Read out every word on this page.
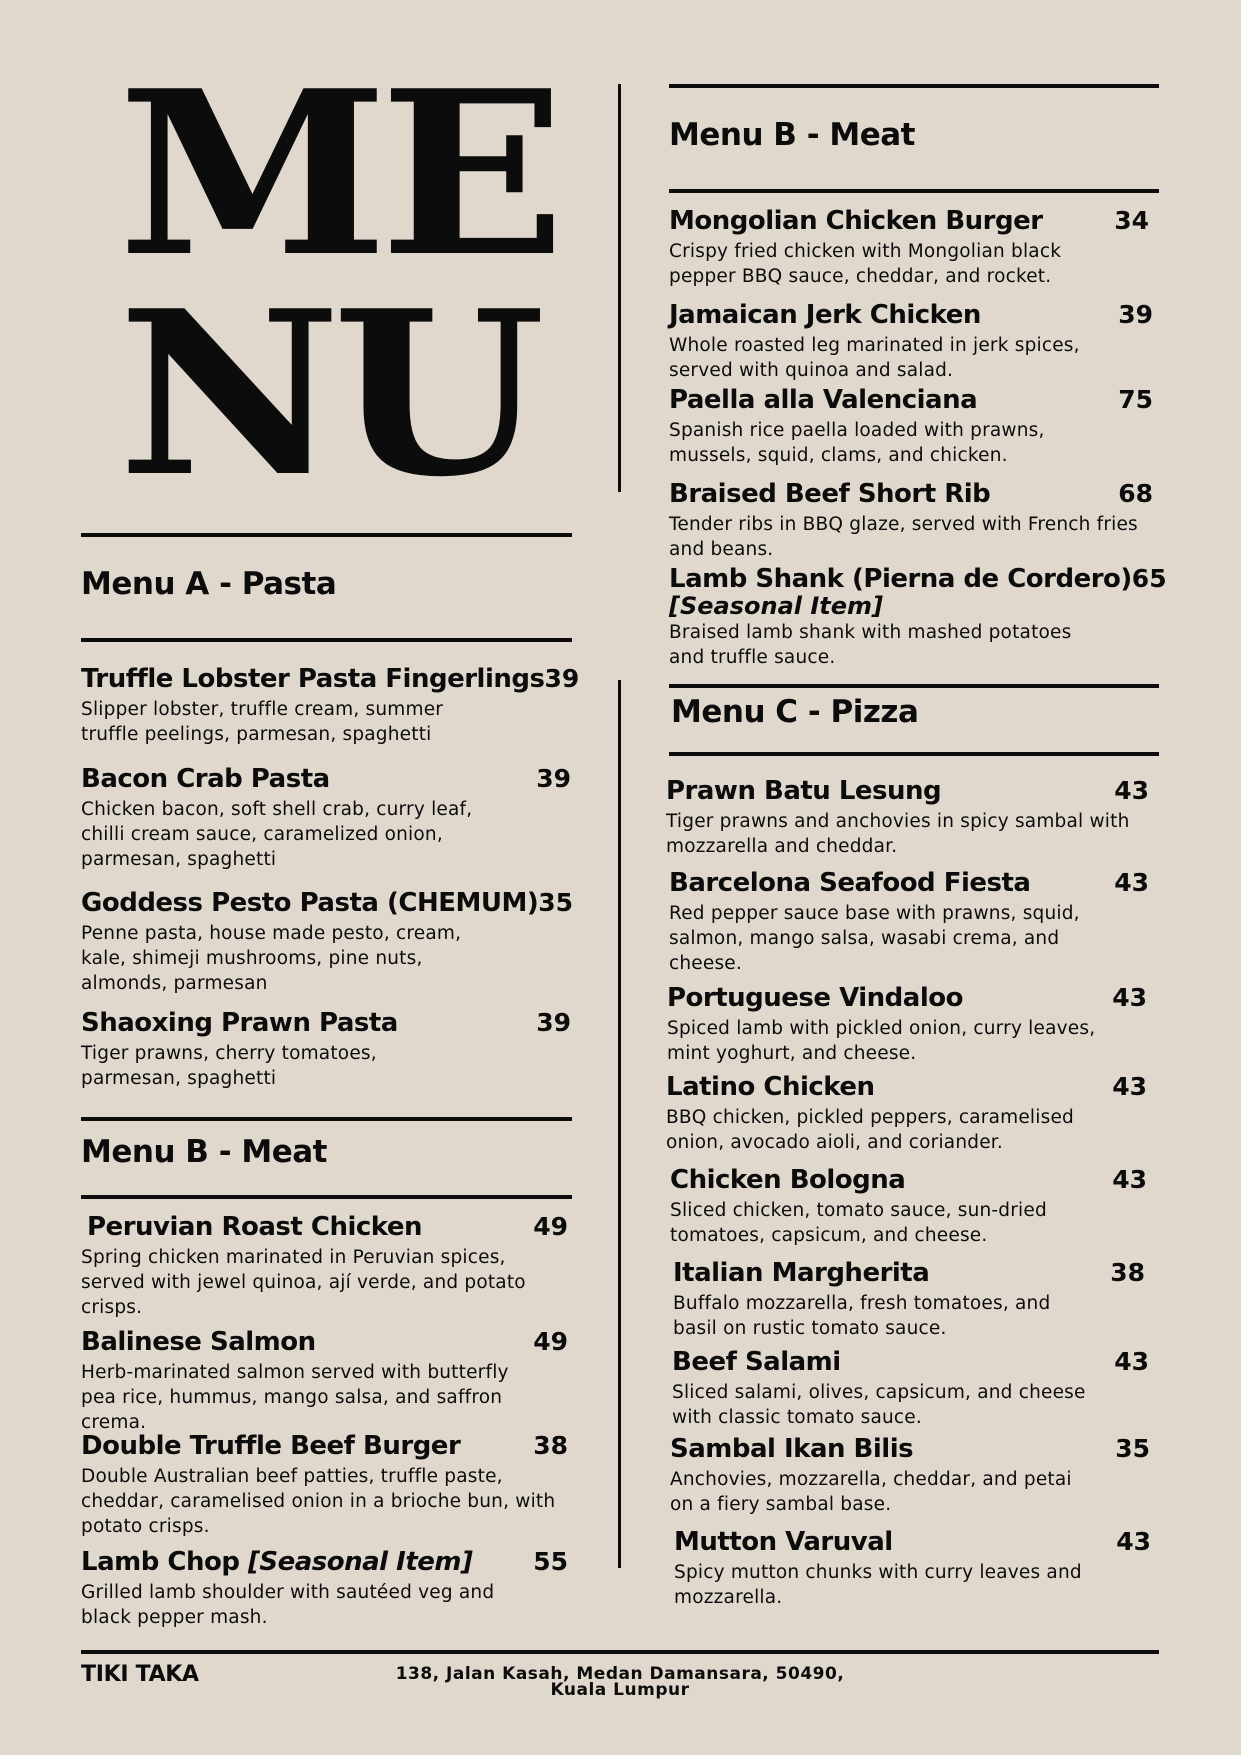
ME
NU
Menu A - Pasta
Truffle Lobster Pasta Fingerlings 39
Slipper lobster, truffle cream, summer truffle peelings, parmesan, spaghetti
Bacon Crab Pasta	39
Chicken bacon, soft shell crab, curry leaf, chilli cream sauce, caramelized onion, parmesan, spaghetti
Goddess Pesto Pasta (CHEMUM) 35
Penne pasta, house made pesto, cream, kale, shimeji mushrooms, pine nuts, almonds, parmesan
Shaoxing Prawn Pasta	39
Tiger prawns, cherry tomatoes, parmesan, spaghetti
Menu B - Meat
Peruvian Roast Chicken	49
Spring chicken marinated in Peruvian spices, served with jewel quinoa, ají verde, and potato crisps.
Balinese Salmon	49
Herb-marinated salmon served with butterfly pea rice, hummus, mango salsa, and saffron crema.
Double Truffle Beef Burger	38
Double Australian beef patties, truffle paste, cheddar, caramelised onion in a brioche bun, with potato crisps.
Lamb Chop [Seasonal Item] 55
Grilled lamb shoulder with sautéed veg and black pepper mash.
Menu B - Meat
Mongolian Chicken Burger	34
Crispy fried chicken with Mongolian black pepper BBQ sauce, cheddar, and rocket.
Jamaican Jerk Chicken	39
Whole roasted leg marinated in jerk spices, served with quinoa and salad.
Paella alla Valenciana	75
Spanish rice paella loaded with prawns, mussels, squid, clams, and chicken.
Braised Beef Short Rib	68
Tender ribs in BBQ glaze, served with French fries and beans.
Lamb Shank (Pierna de Cordero) 65
[Seasonal Item]
Braised lamb shank with mashed potatoes and truffle sauce.
Menu C - Pizza
Prawn Batu Lesung	43
Tiger prawns and anchovies in spicy sambal with mozzarella and cheddar.
Barcelona Seafood Fiesta	43
Red pepper sauce base with prawns, squid, salmon, mango salsa, wasabi crema, and cheese.
Portuguese Vindaloo	43
Spiced lamb with pickled onion, curry leaves, mint yoghurt, and cheese.
Latino Chicken	43
BBQ chicken, pickled peppers, caramelised onion, avocado aioli, and coriander.
Chicken Bologna	43
Sliced chicken, tomato sauce, sun-dried tomatoes, capsicum, and cheese.
Italian Margherita	38
Buffalo mozzarella, fresh tomatoes, and basil on rustic tomato sauce.
Beef Salami	43
Sliced salami, olives, capsicum, and cheese with classic tomato sauce.
Sambal Ikan Bilis	35
Anchovies, mozzarella, cheddar, and petai on a fiery sambal base.
Mutton Varuval	43
Spicy mutton chunks with curry leaves and mozzarella.
TIKI TAKA	138, Jalan Kasah, Medan Damansara, 50490,
Kuala Lumpur
